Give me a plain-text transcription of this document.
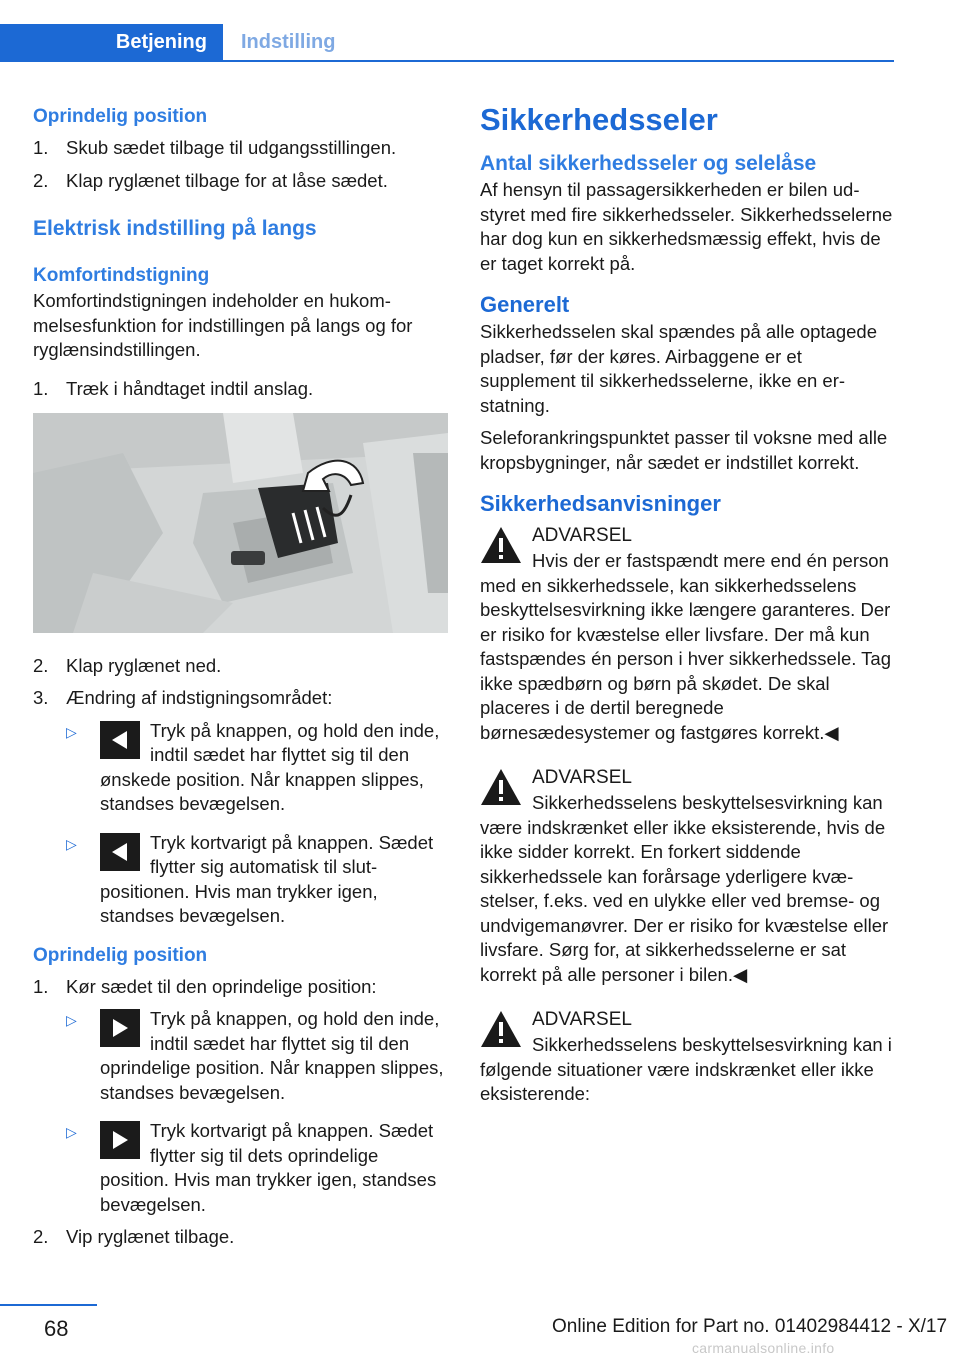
Betjening	Indstilling
Oprindelig position
1. Skub sædet tilbage til udgangsstillingen.
2. Klap ryglænet tilbage for at låse sædet.
Elektrisk indstilling på langs
Komfortindstigning
Komfortindstigningen indeholder en hukommelsesfunktion for indstillingen på langs og for ryglænsindstillingen.
1. Træk i håndtaget indtil anslag.
2. Klap ryglænet ned.
3. Ændring af indstigningsområdet:
▷	Tryk på knappen, og hold den inde, indtil sædet har flyttet sig til den ønskede position. Når knappen slippes, standses bevægelsen.
▷	Tryk kortvarigt på knappen. Sædet flytter sig automatisk til slutpositionen. Hvis man trykker igen, standses bevægelsen.
Oprindelig position
1. Kør sædet til den oprindelige position:
▷	Tryk på knappen, og hold den inde, indtil sædet har flyttet sig til den oprindelige position. Når knappen slippes, standses bevægelsen.
▷	Tryk kortvarigt på knappen. Sædet flytter sig til dets oprindelige position. Hvis man trykker igen, standses bevægelsen.
2. Vip ryglænet tilbage.
Sikkerhedsseler
Antal sikkerhedsseler og selelåse
Af hensyn til passagersikkerheden er bilen udstyret med fire sikkerhedsseler. Sikkerhedsselerne har dog kun en sikkerhedsmæssig effekt, hvis de er taget korrekt på.
Generelt
Sikkerhedsselen skal spændes på alle optagede pladser, før der køres. Airbaggene er et supplement til sikkerhedsselerne, ikke en erstatning.
Seleforankringspunktet passer til voksne med alle kropsbygninger, når sædet er indstillet korrekt.
Sikkerhedsanvisninger
ADVARSEL
Hvis der er fastspændt mere end én person med en sikkerhedssele, kan sikkerhedsselens beskyttelsesvirkning ikke længere garanteres. Der er risiko for kvæstelse eller livsfare. Der må kun fastspændes én person i hver sikkerhedssele. Tag ikke spædbørn og børn på skødet. De skal placeres i de dertil beregnede børnesædesystemer og fastgøres korrekt.◀
ADVARSEL
Sikkerhedsselens beskyttelsesvirkning kan være indskrænket eller ikke eksisterende, hvis de ikke sidder korrekt. En forkert siddende sikkerhedssele kan forårsage yderligere kvæstelser, f.eks. ved en ulykke eller ved bremse- og undvigemanøvrer. Der er risiko for kvæstelse eller livsfare. Sørg for, at sikkerhedsselerne er sat korrekt på alle personer i bilen.◀
ADVARSEL
Sikkerhedsselens beskyttelsesvirkning kan i følgende situationer være indskrænket eller ikke eksisterende:
68	Online Edition for Part no. 01402984412 - X/17
carmanualsonline.info
